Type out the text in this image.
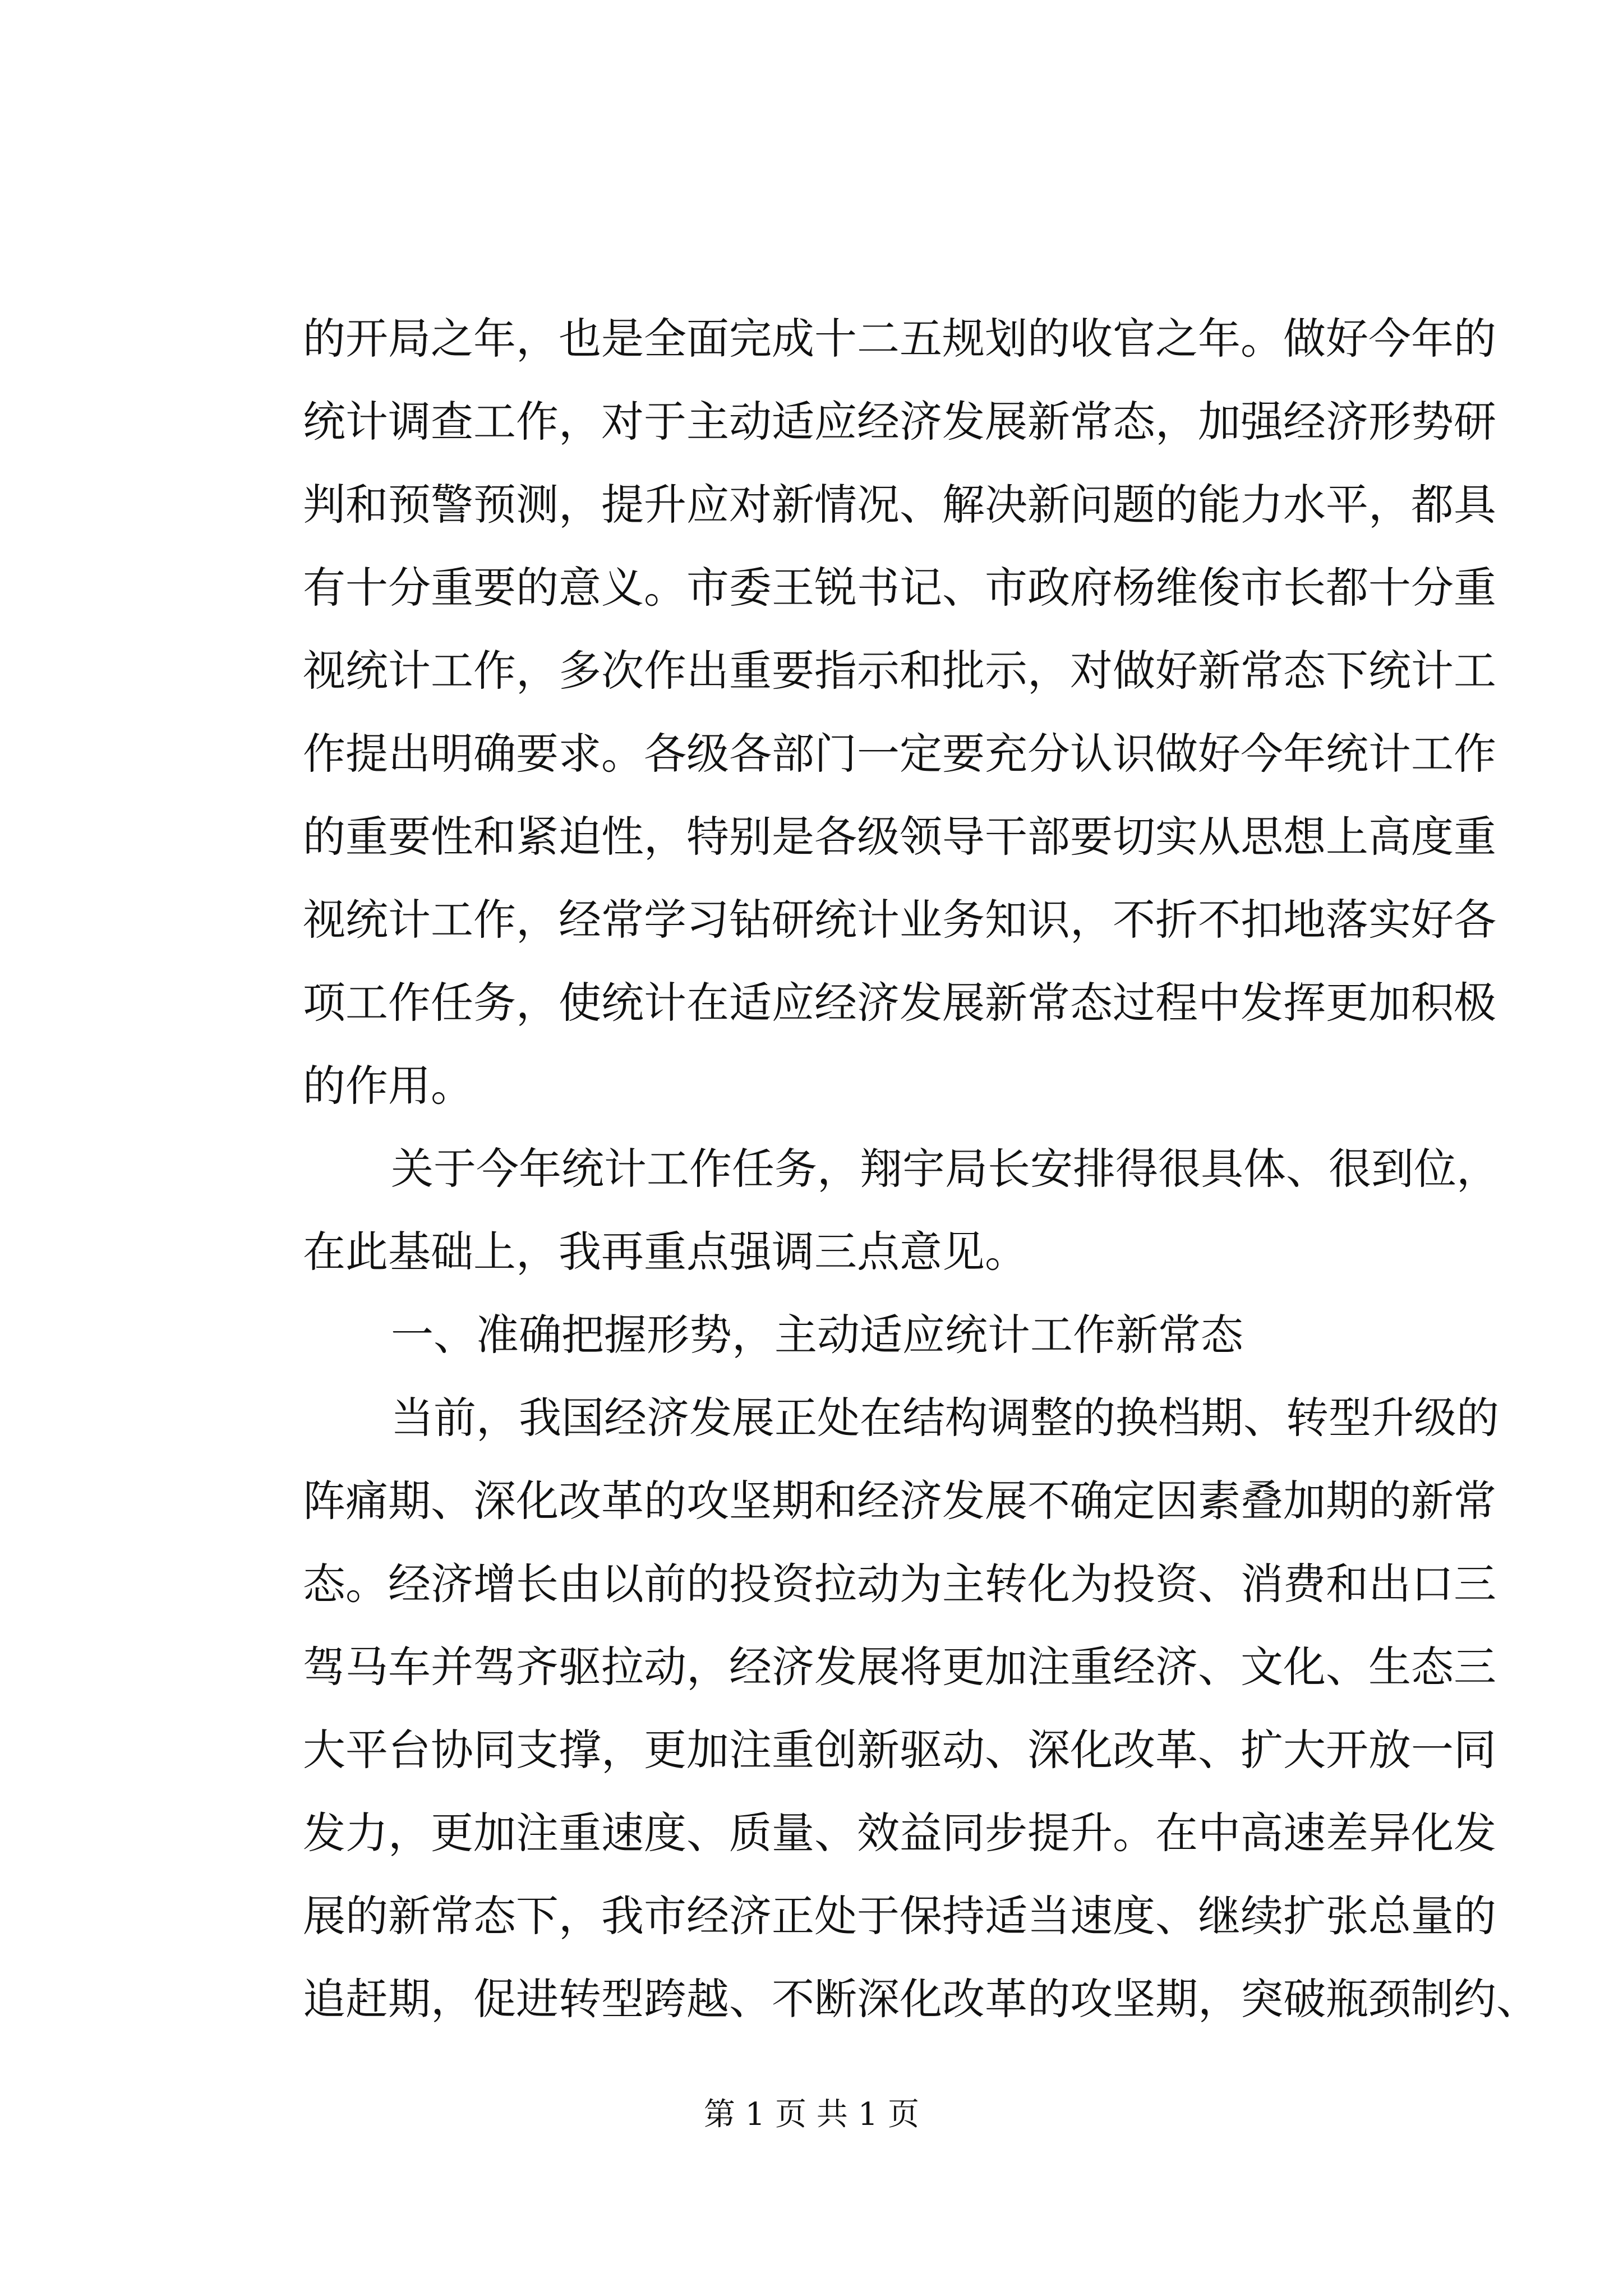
的开局之年，也是全面完成十二五规划的收官之年。做好今年的
统计调查工作，对于主动适应经济发展新常态，加强经济形势研
判和预警预测，提升应对新情况、解决新问题的能力水平，都具
有十分重要的意义。市委王锐书记、市政府杨维俊市长都十分重
视统计工作，多次作出重要指示和批示，对做好新常态下统计工
作提出明确要求。各级各部门一定要充分认识做好今年统计工作
的重要性和紧迫性，特别是各级领导干部要切实从思想上高度重
视统计工作，经常学习钻研统计业务知识，不折不扣地落实好各
项工作任务，使统计在适应经济发展新常态过程中发挥更加积极
的作用。
关于今年统计工作任务，翔宇局长安排得很具体、很到位，
在此基础上，我再重点强调三点意见。
一、准确把握形势，主动适应统计工作新常态
当前，我国经济发展正处在结构调整的换档期、转型升级的
阵痛期、深化改革的攻坚期和经济发展不确定因素叠加期的新常
态。经济增长由以前的投资拉动为主转化为投资、消费和出口三
驾马车并驾齐驱拉动，经济发展将更加注重经济、文化、生态三
大平台协同支撑，更加注重创新驱动、深化改革、扩大开放一同
发力，更加注重速度、质量、效益同步提升。在中高速差异化发
展的新常态下，我市经济正处于保持适当速度、继续扩张总量的
追赶期，促进转型跨越、不断深化改革的攻坚期，突破瓶颈制约、
第 1 页 共 1 页
